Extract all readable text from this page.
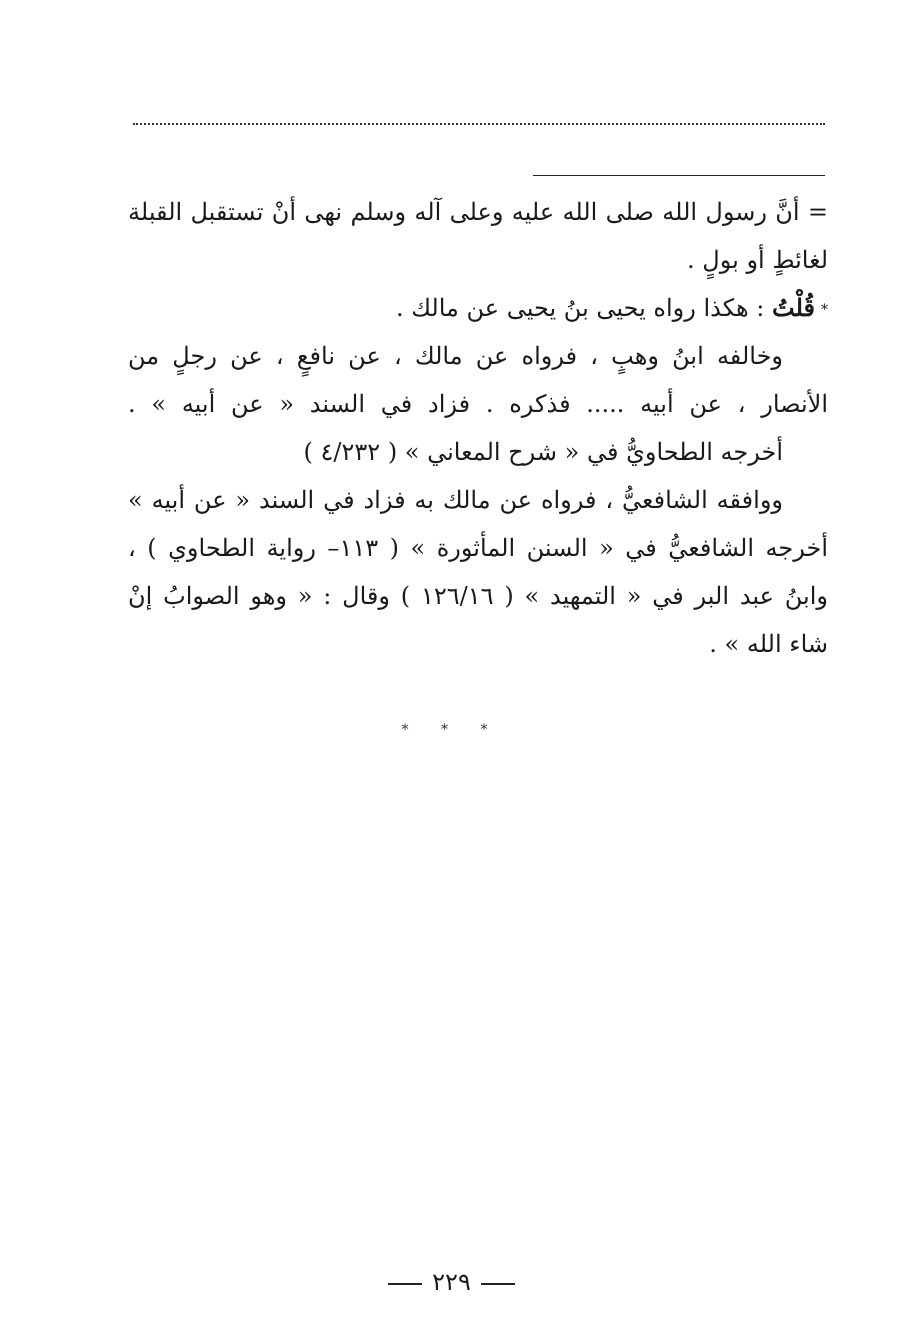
= أنَّ رسول الله صلى الله عليه وعلى آله وسلم نهى أنْ تستقبل القبلة
لغائطٍ أو بولٍ .
*قُلْتُ : هكذا رواه يحيى بنُ يحيى عن مالك .
وخالفه ابنُ وهبٍ ، فرواه عن مالك ، عن نافعٍ ، عن رجلٍ من
الأنصار ، عن أبيه ..... فذكره . فزاد في السند « عن أبيه » .
أخرجه الطحاويُّ في « شرح المعاني » ( ٤/٢٣٢ )
ووافقه الشافعيُّ ، فرواه عن مالك به فزاد في السند « عن أبيه »
أخرجه الشافعيُّ في « السنن المأثورة » ( ١١٣– رواية الطحاوي ) ،
وابنُ عبد البر في « التمهيد » ( ١٢٦/١٦ ) وقال : « وهو الصوابُ إنْ
شاء الله » .
* * *
٢٢٩
